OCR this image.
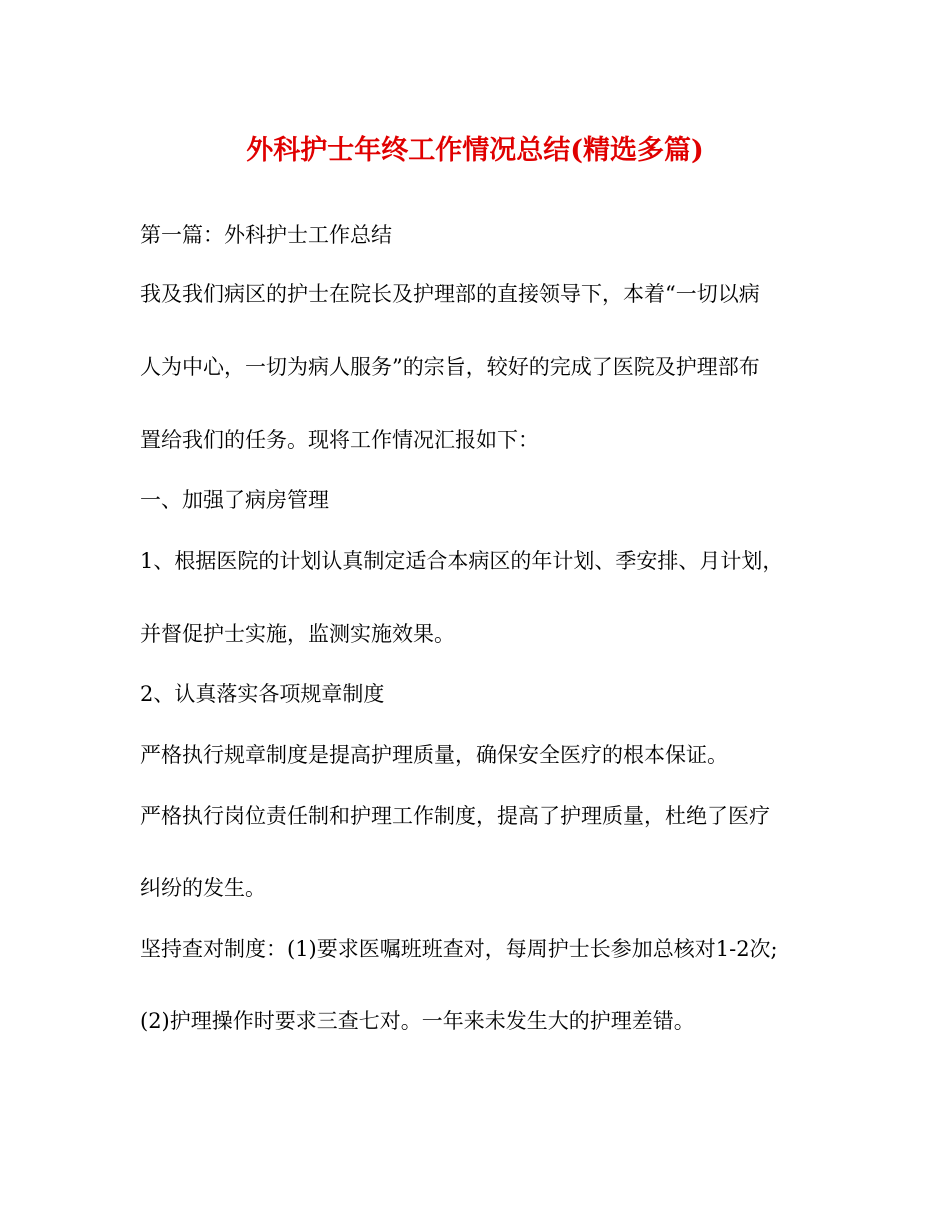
外科护士年终工作情况总结(精选多篇)

第一篇：外科护士工作总结

我及我们病区的护士在院长及护理部的直接领导下，本着“一切以病

人为中心，一切为病人服务”的宗旨，较好的完成了医院及护理部布

置给我们的任务。现将工作情况汇报如下：

一、加强了病房管理

1、根据医院的计划认真制定适合本病区的年计划、季安排、月计划，

并督促护士实施，监测实施效果。

2、认真落实各项规章制度

严格执行规章制度是提高护理质量，确保安全医疗的根本保证。

严格执行岗位责任制和护理工作制度，提高了护理质量，杜绝了医疗

纠纷的发生。

坚持查对制度：(1)要求医嘱班班查对，每周护士长参加总核对1-2次;

(2)护理操作时要求三查七对。一年来未发生大的护理差错。
